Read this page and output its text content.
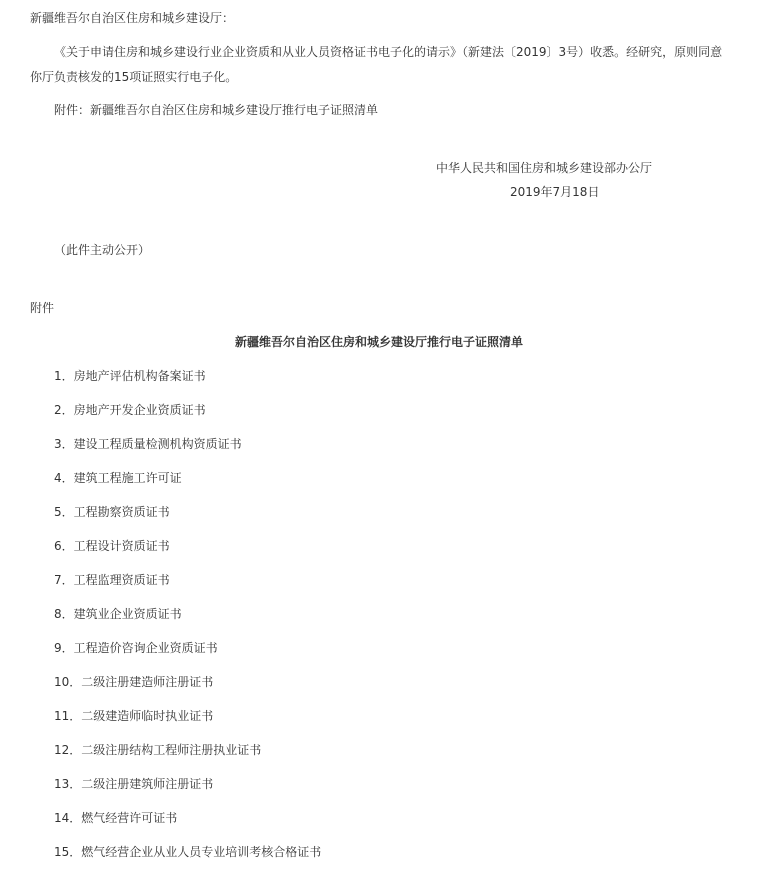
新疆维吾尔自治区住房和城乡建设厅：
《关于申请住房和城乡建设行业企业资质和从业人员资格证书电子化的请示》（新建法〔2019〕3号）收悉。经研究，原则同意你厅负责核发的15项证照实行电子化。
附件：新疆维吾尔自治区住房和城乡建设厅推行电子证照清单
中华人民共和国住房和城乡建设部办公厅
2019年7月18日
（此件主动公开）
附件
新疆维吾尔自治区住房和城乡建设厅推行电子证照清单
1．房地产评估机构备案证书
2．房地产开发企业资质证书
3．建设工程质量检测机构资质证书
4．建筑工程施工许可证
5．工程勘察资质证书
6．工程设计资质证书
7．工程监理资质证书
8．建筑业企业资质证书
9．工程造价咨询企业资质证书
10．二级注册建造师注册证书
11．二级建造师临时执业证书
12．二级注册结构工程师注册执业证书
13．二级注册建筑师注册证书
14．燃气经营许可证书
15．燃气经营企业从业人员专业培训考核合格证书
